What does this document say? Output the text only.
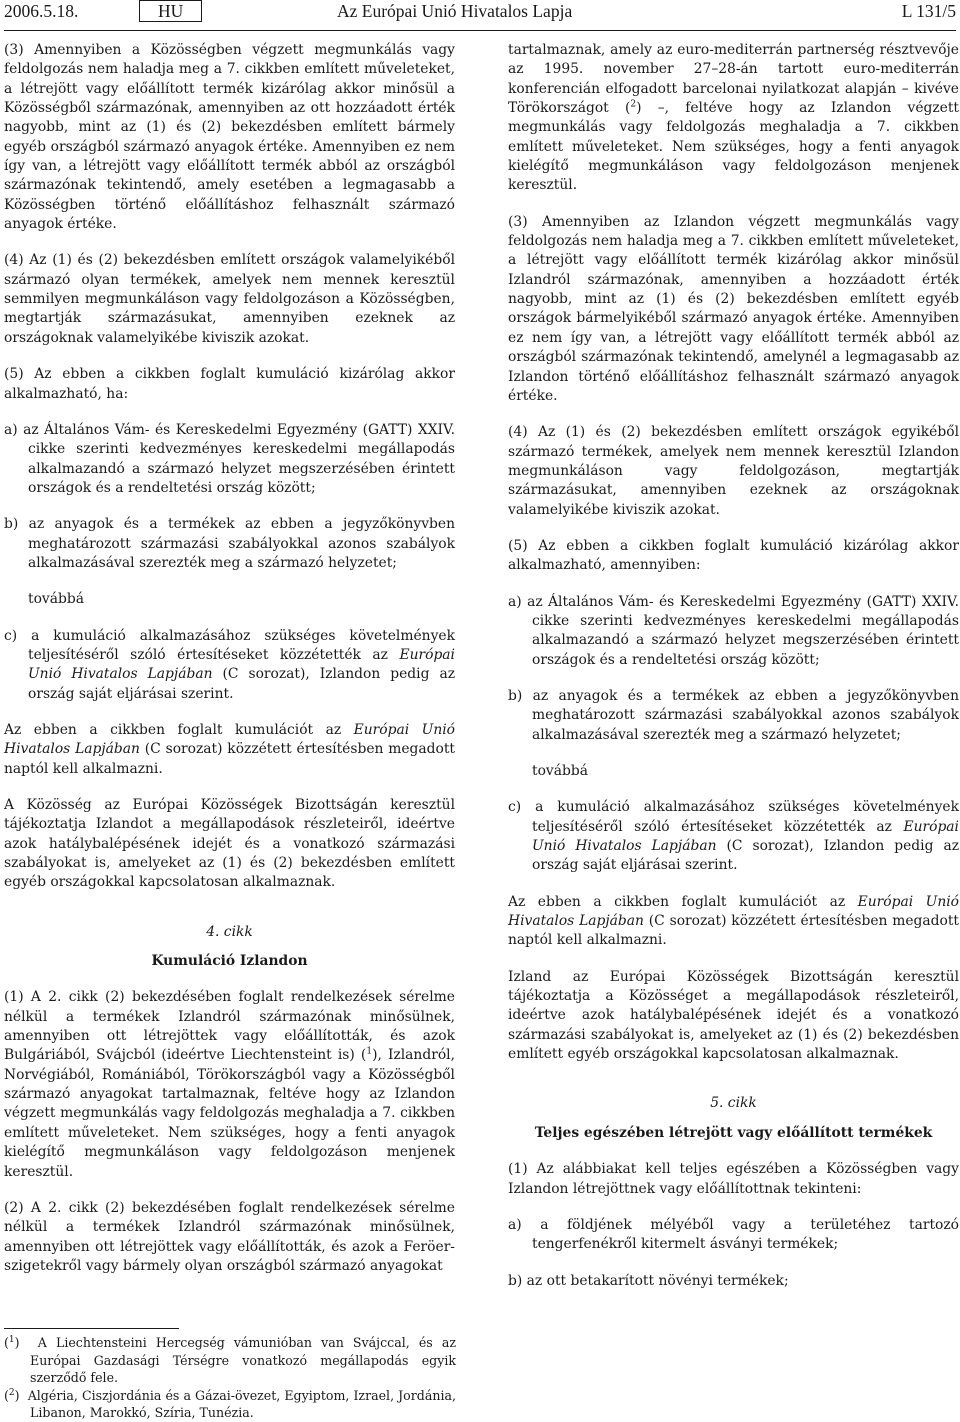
2006.5.18.	HU	Az Európai Unió Hivatalos Lapja	L 131/5

(3) Amennyiben a Közösségben végzett megmunkálás vagy feldolgozás nem haladja meg a 7. cikkben említett műveleteket, a létrejött vagy előállított termék kizárólag akkor minősül a Közösségből származónak, amennyiben az ott hozzáadott érték nagyobb, mint az (1) és (2) bekezdésben említett bármely egyéb országból származó anyagok értéke. Amennyiben ez nem így van, a létrejött vagy előállított termék abból az országból származónak tekintendő, amely esetében a legmagasabb a Közösségben történő előállításhoz felhasznált származó anyagok értéke.

(4) Az (1) és (2) bekezdésben említett országok valamelyikéből származó olyan termékek, amelyek nem mennek keresztül semmilyen megmunkáláson vagy feldolgozáson a Közösségben, megtartják származásukat, amennyiben ezeknek az országoknak valamelyikébe kiviszik azokat.

(5) Az ebben a cikkben foglalt kumuláció kizárólag akkor alkalmazható, ha:

a) az Általános Vám- és Kereskedelmi Egyezmény (GATT) XXIV. cikke szerinti kedvezményes kereskedelmi megállapodás alkalmazandó a származó helyzet megszerzésében érintett országok és a rendeltetési ország között;
b) az anyagok és a termékek az ebben a jegyzőkönyvben meghatározott származási szabályokkal azonos szabályok alkalmazásával szerezték meg a származó helyzetet;
továbbá
c) a kumuláció alkalmazásához szükséges követelmények teljesítéséről szóló értesítéseket közzétették az Európai Unió Hivatalos Lapjában (C sorozat), Izlandon pedig az ország saját eljárásai szerint.

Az ebben a cikkben foglalt kumulációt az Európai Unió Hivatalos Lapjában (C sorozat) közzétett értesítésben megadott naptól kell alkalmazni.

A Közösség az Európai Közösségek Bizottságán keresztül tájékoztatja Izlandot a megállapodások részleteiről, ideértve azok hatálybalépésének idejét és a vonatkozó származási szabályokat is, amelyeket az (1) és (2) bekezdésben említett egyéb országokkal kapcsolatosan alkalmaznak.

4. cikk
Kumuláció Izlandon

(1) A 2. cikk (2) bekezdésében foglalt rendelkezések sérelme nélkül a termékek Izlandról származónak minősülnek, amennyiben ott létrejöttek vagy előállították, és azok Bulgáriából, Svájcból (ideértve Liechtensteint is) ($^1$), Izlandról, Norvégiából, Romániából, Törökországból vagy a Közösségből származó anyagokat tartalmaznak, feltéve hogy az Izlandon végzett megmunkálás vagy feldolgozás meghaladja a 7. cikkben említett műveleteket. Nem szükséges, hogy a fenti anyagok kielégítő megmunkáláson vagy feldolgozáson menjenek keresztül.

(2) A 2. cikk (2) bekezdésében foglalt rendelkezések sérelme nélkül a termékek Izlandról származónak minősülnek, amennyiben ott létrejöttek vagy előállították, és azok a Feröer-szigetekről vagy bármely olyan országból származó anyagokat

($^1$)  A Liechtensteini Hercegség vámunióban van Svájccal, és az Európai Gazdasági Térségre vonatkozó megállapodás egyik szerződő fele.
($^2$)  Algéria, Ciszjordánia és a Gázai-övezet, Egyiptom, Izrael, Jordánia, Libanon, Marokkó, Szíria, Tunézia.

tartalmaznak, amely az euro-mediterrán partnerség résztvevője az 1995. november 27–28-án tartott euro-mediterrán konferencián elfogadott barcelonai nyilatkozat alapján – kivéve Törökországot ($^2$) –, feltéve hogy az Izlandon végzett megmunkálás vagy feldolgozás meghaladja a 7. cikkben említett műveleteket. Nem szükséges, hogy a fenti anyagok kielégítő megmunkáláson vagy feldolgozáson menjenek keresztül.

(3) Amennyiben az Izlandon végzett megmunkálás vagy feldolgozás nem haladja meg a 7. cikkben említett műveleteket, a létrejött vagy előállított termék kizárólag akkor minősül Izlandról származónak, amennyiben a hozzáadott érték nagyobb, mint az (1) és (2) bekezdésben említett egyéb országok bármelyikéből származó anyagok értéke. Amennyiben ez nem így van, a létrejött vagy előállított termék abból az országból származónak tekintendő, amelynél a legmagasabb az Izlandon történő előállításhoz felhasznált származó anyagok értéke.

(4) Az (1) és (2) bekezdésben említett országok egyikéből származó termékek, amelyek nem mennek keresztül Izlandon megmunkáláson vagy feldolgozáson, megtartják származásukat, amennyiben ezeknek az országoknak valamelyikébe kiviszik azokat.

(5) Az ebben a cikkben foglalt kumuláció kizárólag akkor alkalmazható, amennyiben:

a) az Általános Vám- és Kereskedelmi Egyezmény (GATT) XXIV. cikke szerinti kedvezményes kereskedelmi megállapodás alkalmazandó a származó helyzet megszerzésében érintett országok és a rendeltetési ország között;
b) az anyagok és a termékek az ebben a jegyzőkönyvben meghatározott származási szabályokkal azonos szabályok alkalmazásával szerezték meg a származó helyzetet;
továbbá
c) a kumuláció alkalmazásához szükséges követelmények teljesítéséről szóló értesítéseket közzétették az Európai Unió Hivatalos Lapjában (C sorozat), Izlandon pedig az ország saját eljárásai szerint.

Az ebben a cikkben foglalt kumulációt az Európai Unió Hivatalos Lapjában (C sorozat) közzétett értesítésben megadott naptól kell alkalmazni.

Izland az Európai Közösségek Bizottságán keresztül tájékoztatja a Közösséget a megállapodások részleteiről, ideértve azok hatálybalépésének idejét és a vonatkozó származási szabályokat is, amelyeket az (1) és (2) bekezdésben említett egyéb országokkal kapcsolatosan alkalmaznak.

5. cikk
Teljes egészében létrejött vagy előállított termékek

(1) Az alábbiakat kell teljes egészében a Közösségben vagy Izlandon létrejöttnek vagy előállítottnak tekinteni:

a) a földjének mélyéből vagy a területéhez tartozó tengerfenékről kitermelt ásványi termékek;
b) az ott betakarított növényi termékek;
